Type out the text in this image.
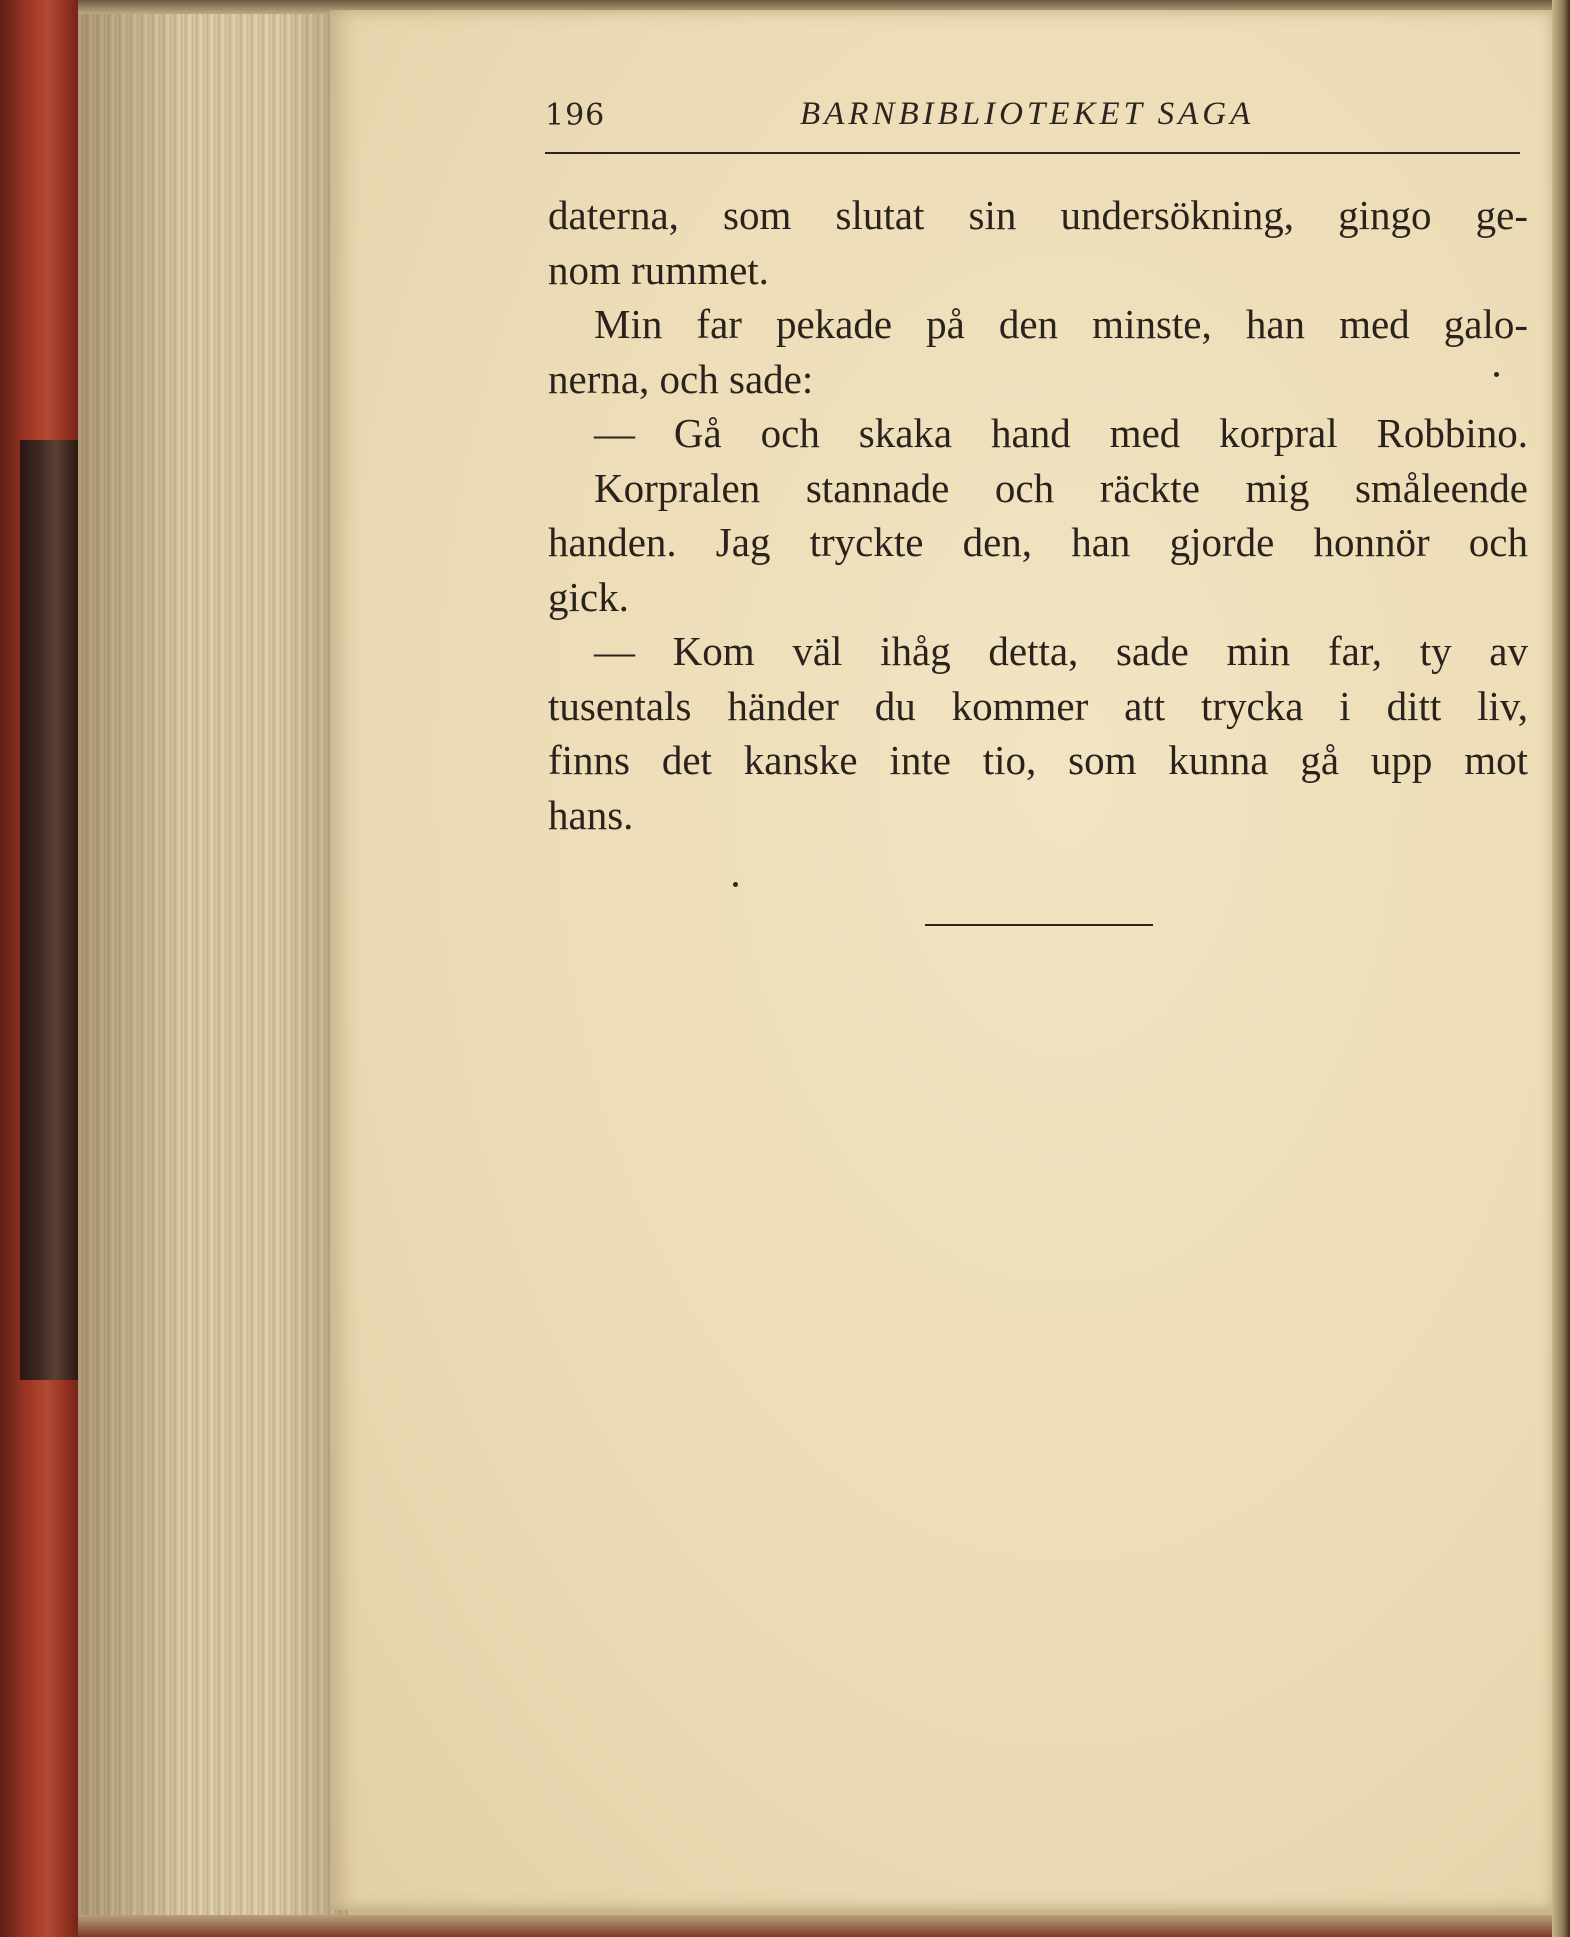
196	BARNBIBLIOTEKET SAGA
daterna, som slutat sin undersökning, gingo ge-
nom rummet.
Min far pekade på den minste, han med galo-
nerna, och sade:
— Gå och skaka hand med korpral Robbino.
Korpralen stannade och räckte mig småleende
handen. Jag tryckte den, han gjorde honnör och
gick.
— Kom väl ihåg detta, sade min far, ty av
tusentals händer du kommer att trycka i ditt liv,
finns det kanske inte tio, som kunna gå upp mot
hans.
